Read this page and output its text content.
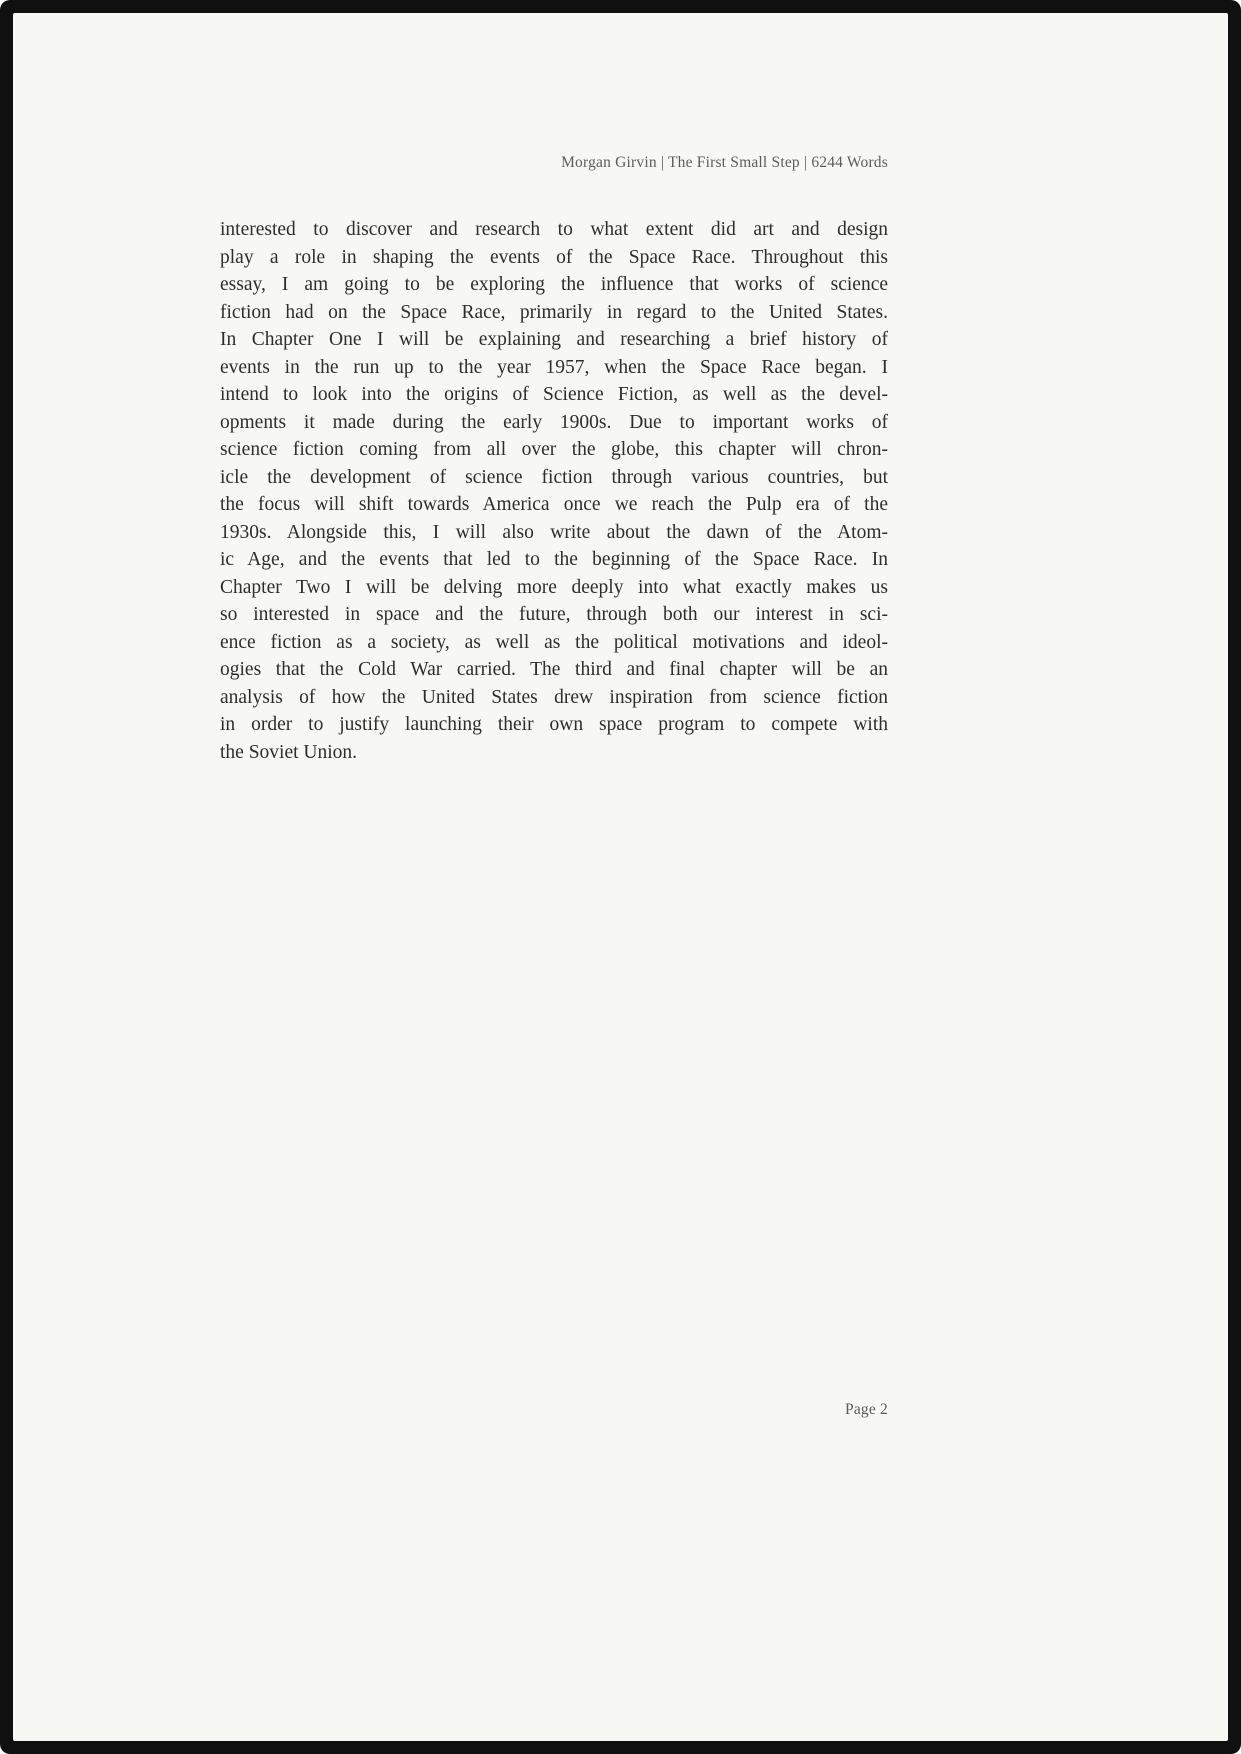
Morgan Girvin | The First Small Step | 6244 Words
interested to discover and research to what extent did art and design
play a role in shaping the events of the Space Race. Throughout this
essay, I am going to be exploring the influence that works of science
fiction had on the Space Race, primarily in regard to the United States.
In Chapter One I will be explaining and researching a brief history of
events in the run up to the year 1957, when the Space Race began. I
intend to look into the origins of Science Fiction, as well as the devel-
opments it made during the early 1900s. Due to important works of
science fiction coming from all over the globe, this chapter will chron-
icle the development of science fiction through various countries, but
the focus will shift towards America once we reach the Pulp era of the
1930s. Alongside this, I will also write about the dawn of the Atom-
ic Age, and the events that led to the beginning of the Space Race. In
Chapter Two I will be delving more deeply into what exactly makes us
so interested in space and the future, through both our interest in sci-
ence fiction as a society, as well as the political motivations and ideol-
ogies that the Cold War carried. The third and final chapter will be an
analysis of how the United States drew inspiration from science fiction
in order to justify launching their own space program to compete with
the Soviet Union.
Page 2
